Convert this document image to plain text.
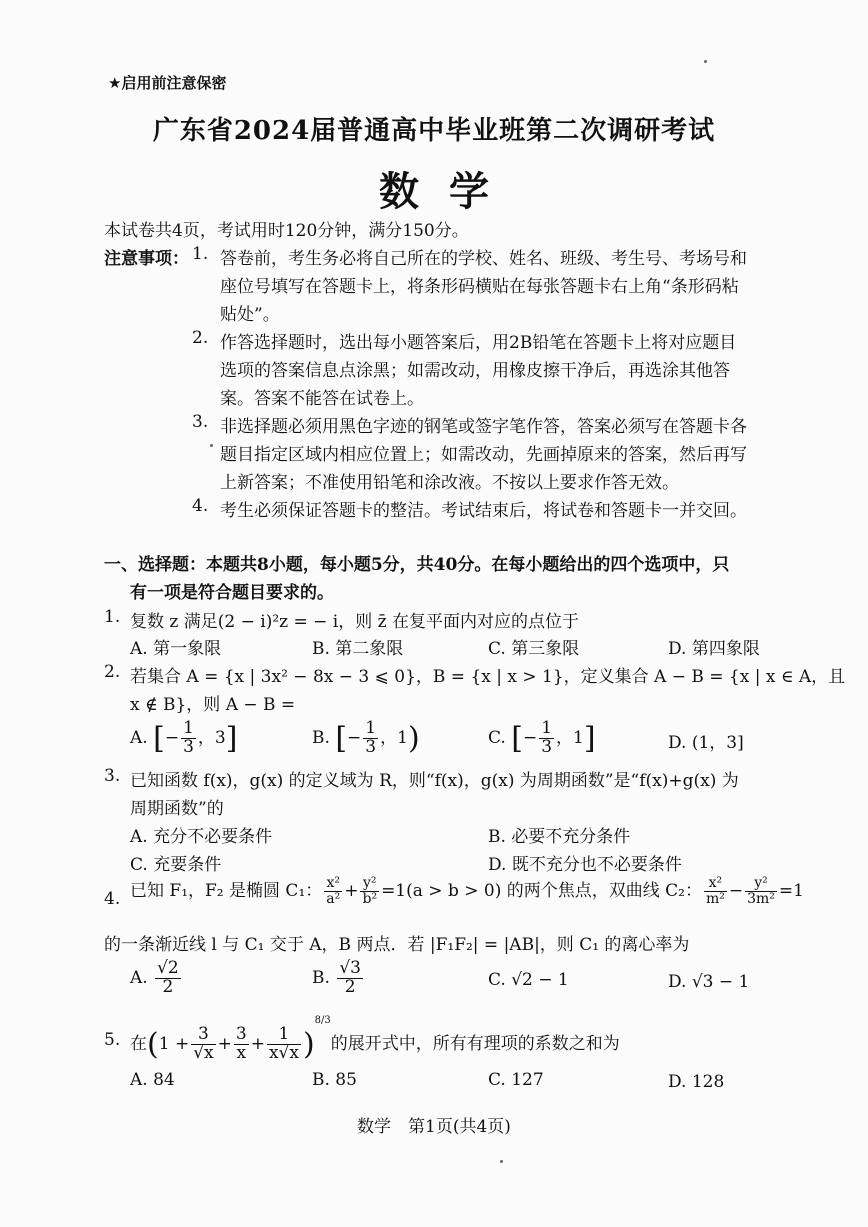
★启用前注意保密
广东省2024届普通高中毕业班第二次调研考试
数学
本试卷共4页，考试用时120分钟，满分150分。
注意事项： 1. 答卷前，考生务必将自己所在的学校、姓名、班级、考生号、考场号和
座位号填写在答题卡上，将条形码横贴在每张答题卡右上角“条形码粘
贴处”。
2. 作答选择题时，选出每小题答案后，用2B铅笔在答题卡上将对应题目
选项的答案信息点涂黑；如需改动，用橡皮擦干净后，再选涂其他答
案。答案不能答在试卷上。
3. 非选择题必须用黑色字迹的钢笔或签字笔作答，答案必须写在答题卡各
题目指定区域内相应位置上；如需改动，先画掉原来的答案，然后再写
上新答案；不准使用铅笔和涂改液。不按以上要求作答无效。
4. 考生必须保证答题卡的整洁。考试结束后，将试卷和答题卡一并交回。
一、选择题：本题共8小题，每小题5分，共40分。在每小题给出的四个选项中，只
有一项是符合题目要求的。
1. 复数 z 满足(2 − i)²z = − i，则 z̄ 在复平面内对应的点位于
A. 第一象限	B. 第二象限	C. 第三象限	D. 第四象限
2. 若集合 A = {x | 3x² − 8x − 3 ⩽ 0}，B = {x | x > 1}，定义集合 A − B = {x | x ∈ A，且
x ∉ B}，则 A − B =
A. [− $\frac{1}{3}$ ，3]	B. [− $\frac{1}{3}$ ，1)	C. [− $\frac{1}{3}$ ，1]	D. (1，3]
3. 已知函数 f(x)，g(x) 的定义域为 R，则“f(x)，g(x) 为周期函数”是“f(x)+g(x) 为
周期函数”的
A. 充分不必要条件	B. 必要不充分条件
C. 充要条件	D. 既不充分也不必要条件
4. 已知 F₁，F₂ 是椭圆 C₁： $\frac{\text{x²}}{\text{a²}} + \frac{\text{y²}}{\text{b²}} =1(a > b > 0)$ 的两个焦点，双曲线 C₂： $\frac{\text{x²}}{\text{m²}} - \frac{\text{y²}}{\text{3m²}} =1$
的一条渐近线 l 与 C₁ 交于 A，B 两点．若 |F₁F₂| = |AB|，则 C₁ 的离心率为
A. $\frac{√2}{2}$	B. $\frac{√3}{2}$	C. √2 − 1	D. √3 − 1
5. 在$(1 + \frac{3}{√x} + \frac{3}{x} + \frac{1}{x√x} )^{8/3}$的展开式中，所有有理项的系数之和为
A. 84	B. 85	C. 127	D. 128
数学　第1页(共4页)
